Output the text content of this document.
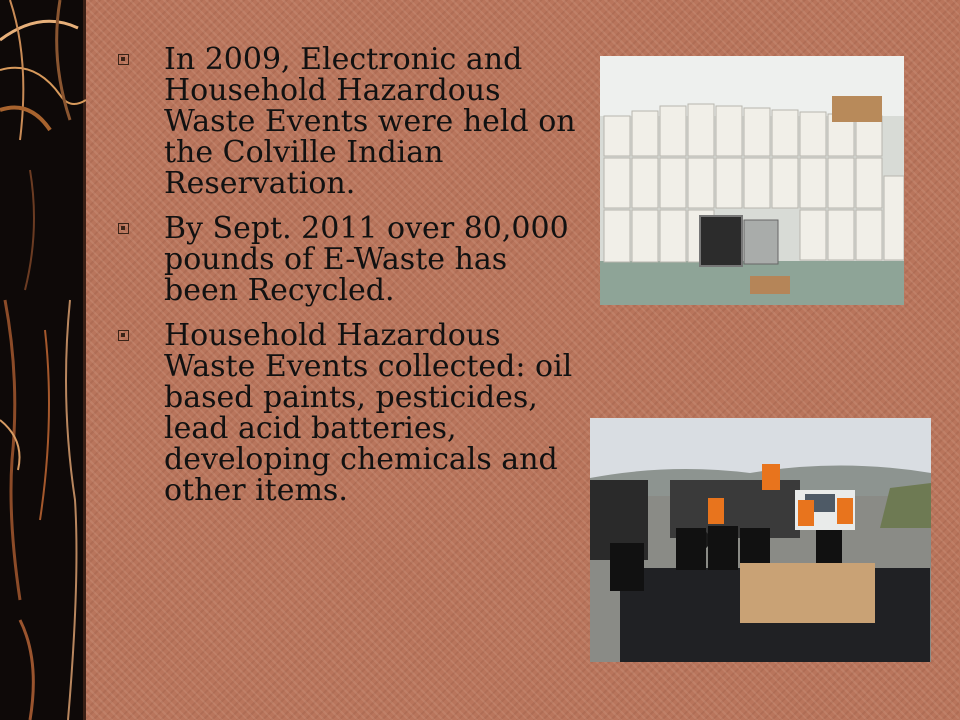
In 2009, Electronic and Household Hazardous Waste Events were held on the Colville Indian Reservation.
By Sept. 2011 over 80,000 pounds of E-Waste has been Recycled.
Household Hazardous Waste Events collected: oil based paints, pesticides, lead acid batteries, developing chemicals and other items.
